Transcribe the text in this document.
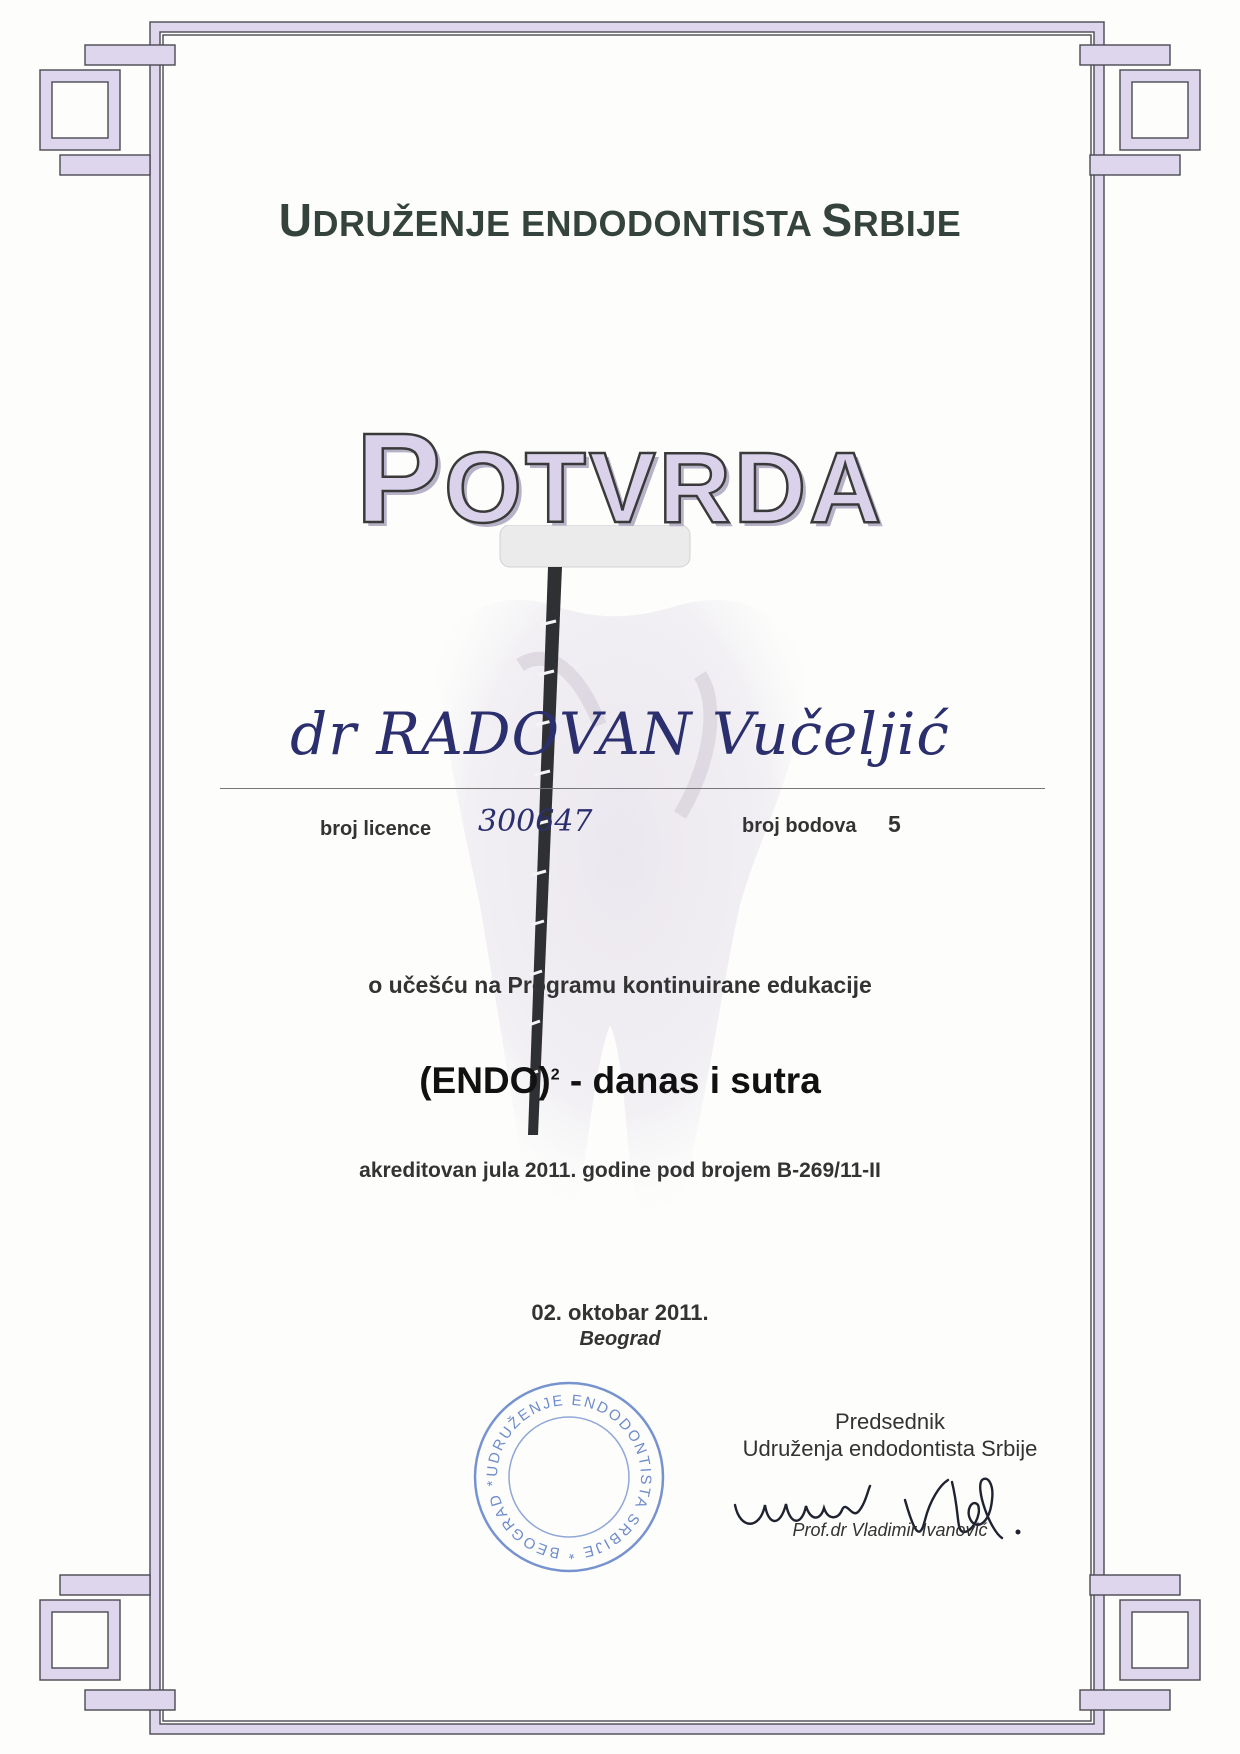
UDRUŽENJE ENDODONTISTA SRBIJE
POTVRDA
dr RADOVAN Vučeljić
broj licence 300647	broj bodova 5
o učešću na Programu kontinuirane edukacije
(ENDO)$^2$ - danas i sutra
akreditovan jula 2011. godine pod brojem B-269/11-II
02. oktobar 2011.
Beograd
UDRUŽENJE ENDODONTISTA SRBIJE * BEOGRAD *
Predsednik
Udruženja endodontista Srbije
Prof.dr Vladimir Ivanović
